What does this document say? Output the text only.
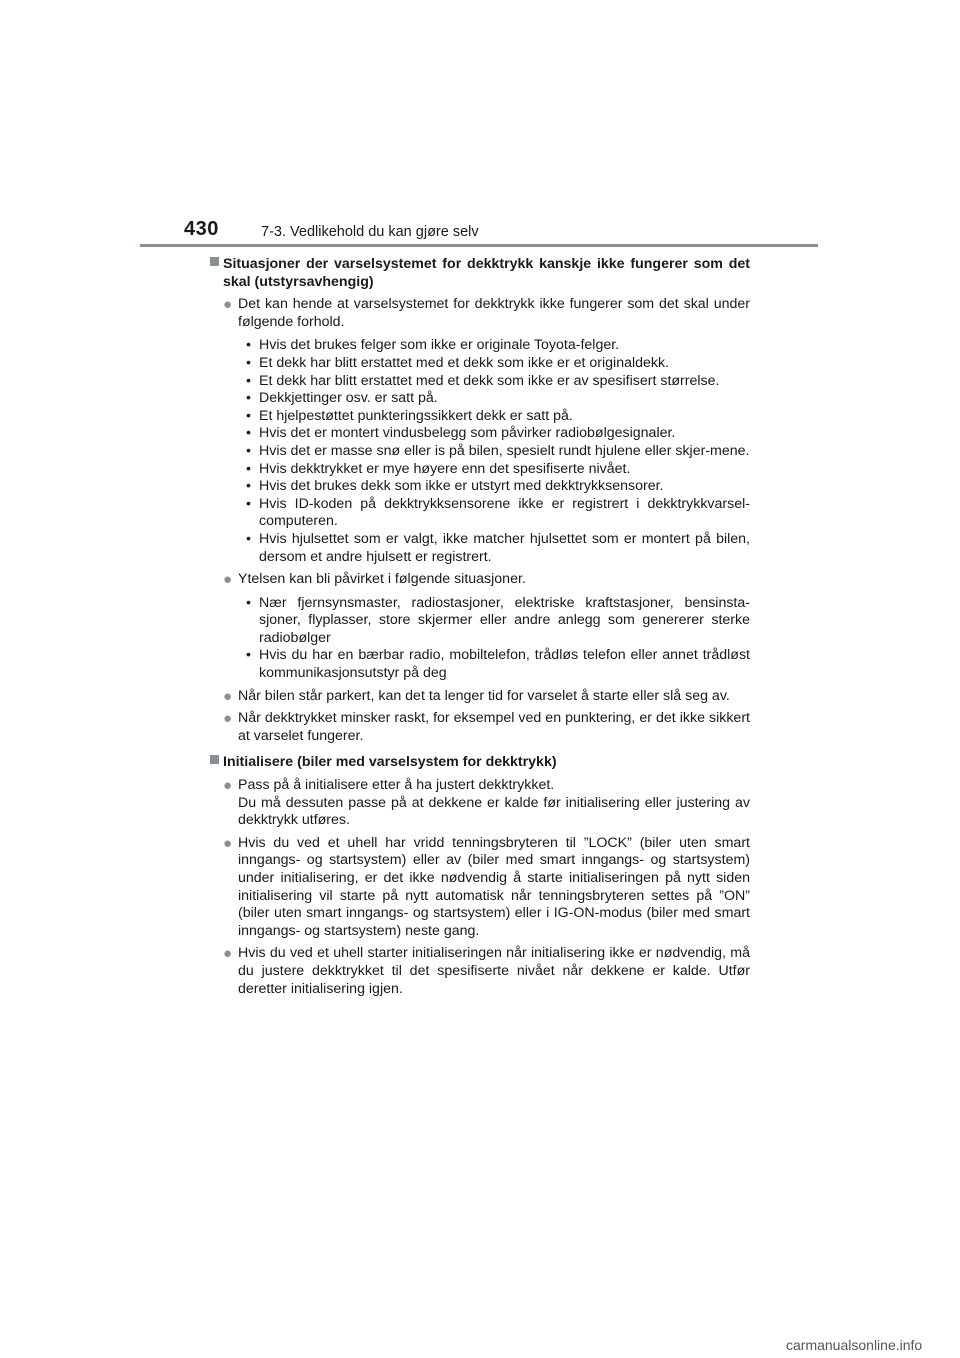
430	7-3. Vedlikehold du kan gjøre selv
Situasjoner der varselsystemet for dekktrykk kanskje ikke fungerer som det skal (utstyrsavhengig)
● Det kan hende at varselsystemet for dekktrykk ikke fungerer som det skal under følgende forhold.
• Hvis det brukes felger som ikke er originale Toyota-felger.
• Et dekk har blitt erstattet med et dekk som ikke er et originaldekk.
• Et dekk har blitt erstattet med et dekk som ikke er av spesifisert størrelse.
• Dekkjettinger osv. er satt på.
• Et hjelpestøttet punkteringssikkert dekk er satt på.
• Hvis det er montert vindusbelegg som påvirker radiobølgesignaler.
• Hvis det er masse snø eller is på bilen, spesielt rundt hjulene eller skjer-mene.
• Hvis dekktrykket er mye høyere enn det spesifiserte nivået.
• Hvis det brukes dekk som ikke er utstyrt med dekktrykksensorer.
• Hvis ID-koden på dekktrykksensorene ikke er registrert i dekktrykkvarsel-computeren.
• Hvis hjulsettet som er valgt, ikke matcher hjulsettet som er montert på bilen, dersom et andre hjulsett er registrert.
● Ytelsen kan bli påvirket i følgende situasjoner.
• Nær fjernsynsmaster, radiostasjoner, elektriske kraftstasjoner, bensinsta-sjoner, flyplasser, store skjermer eller andre anlegg som genererer sterke radiobølger
• Hvis du har en bærbar radio, mobiltelefon, trådløs telefon eller annet trådløst kommunikasjonsutstyr på deg
● Når bilen står parkert, kan det ta lenger tid for varselet å starte eller slå seg av.
● Når dekktrykket minsker raskt, for eksempel ved en punktering, er det ikke sikkert at varselet fungerer.
Initialisere (biler med varselsystem for dekktrykk)
● Pass på å initialisere etter å ha justert dekktrykket.
Du må dessuten passe på at dekkene er kalde før initialisering eller justering av dekktrykk utføres.
● Hvis du ved et uhell har vridd tenningsbryteren til ”LOCK” (biler uten smart inngangs- og startsystem) eller av (biler med smart inngangs- og startsystem) under initialisering, er det ikke nødvendig å starte initialiseringen på nytt siden initialisering vil starte på nytt automatisk når tenningsbryteren settes på ”ON” (biler uten smart inngangs- og startsystem) eller i IG-ON-modus (biler med smart inngangs- og startsystem) neste gang.
● Hvis du ved et uhell starter initialiseringen når initialisering ikke er nødvendig, må du justere dekktrykket til det spesifiserte nivået når dekkene er kalde. Utfør deretter initialisering igjen.
carmanualsonline.info
